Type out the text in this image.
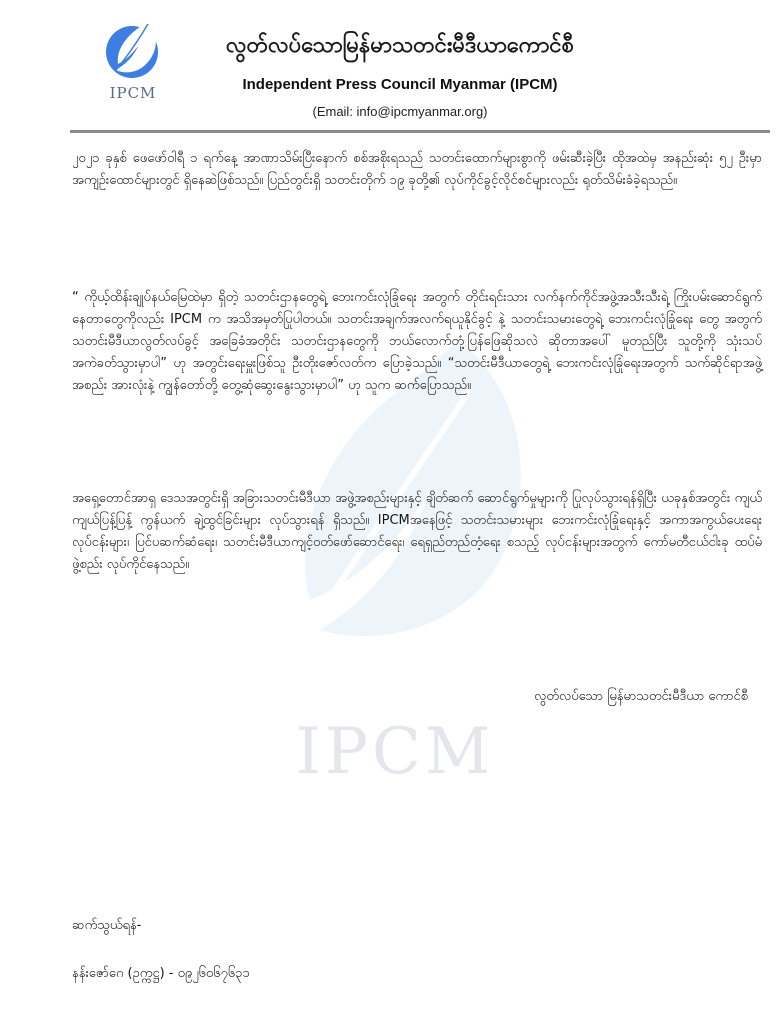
IPCM
IPCM
လွတ်လပ်သောမြန်မာသတင်းမီဒီယာကောင်စီ
Independent Press Council Myanmar (IPCM)
(Email: info@ipcmyanmar.org)
၂၀၂၁ ခုနှစ် ဖေဖော်ဝါရီ ၁ ရက်နေ့ အာဏာသိမ်းပြီးနောက် စစ်အစိုးရသည် သတင်းထောက်များစွာကို ဖမ်းဆီးခဲ့ပြီး ထိုအထဲမှ အနည်းဆုံး ၅၂ ဦးမှာ အကျဉ်းထောင်များတွင် ရှိနေဆဲဖြစ်သည်။ ပြည်တွင်းရှိ သတင်းတိုက် ၁၉ ခုတို့၏ လုပ်ကိုင်ခွင့်လိုင်စင်များလည်း ရုတ်သိမ်းခံခဲ့ရသည်။
“ ကိုယ့်ထိန်းချုပ်နယ်မြေထဲမှာ ရှိတဲ့ သတင်းဌာနတွေရဲ့ ဘေးကင်းလုံခြုံရေး အတွက် တိုင်းရင်းသား လက်နက်ကိုင်အဖွဲ့အသီးသီးရဲ့ ကြိုးပမ်းဆောင်ရွက်နေတာတွေကိုလည်း IPCM က အသိအမှတ်ပြုပါတယ်။ သတင်းအချက်အလက်ရယူနိုင်ခွင့် နဲ့ သတင်းသမားတွေရဲ့ ဘေးကင်းလုံခြုံရေး တွေ အတွက် သတင်းမီဒီယာလွတ်လပ်ခွင့် အခြေခံအတိုင်း သတင်းဌာနတွေကို ဘယ်လောက်တုံ့ပြန်ဖြေဆိုသလဲ ဆိုတာအပေါ် မူတည်ပြီး သူတို့ကို သုံးသပ်အကဲခတ်သွားမှာပါ” ဟု အတွင်းရေးမှူးဖြစ်သူ ဦးတိုးဇော်လတ်က ပြောခဲ့သည်။ “သတင်းမီဒီယာတွေရဲ့ ဘေးကင်းလုံခြုံရေးအတွက် သက်ဆိုင်ရာအဖွဲ့အစည်း အားလုံးနဲ့ ကျွန်တော်တို့ တွေ့ဆုံဆွေးနွေးသွားမှာပါ” ဟု သူက ဆက်ပြောသည်။
အရှေ့တောင်အာရှ ဒေသအတွင်းရှိ အခြားသတင်းမီဒီယာ အဖွဲ့အစည်းများနှင့် ချိတ်ဆက် ဆောင်ရွက်မှုများကို ပြုလုပ်သွားရန်ရှိပြီး ယခုနှစ်အတွင်း ကျယ်ကျယ်ပြန့်ပြန့် ကွန်ယက် ချဲ့ထွင်ခြင်းများ လုပ်သွားရန် ရှိသည်။ IPCMအနေဖြင့် သတင်းသမားများ ဘေးကင်းလုံခြုံရေးနှင့် အကာအကွယ်ပေးရေး လုပ်ငန်းများ၊ ပြင်ပဆက်ဆံရေး၊ သတင်းမီဒီယာကျင့်ဝတ်ဖော်ဆောင်ရေး၊ ရေရှည်တည်တံ့ရေး စသည့် လုပ်ငန်းများအတွက် ကော်မတီငယ်ငါးခု ထပ်မံဖွဲ့စည်း လုပ်ကိုင်နေသည်။
လွတ်လပ်သော မြန်မာသတင်းမီဒီယာ ကောင်စီ
ဆက်သွယ်ရန်-
နန်းဇော်ဂေ (ဥက္ကဋ္ဌ) - ၀၉၂၆၀၆၇၆၃၁
